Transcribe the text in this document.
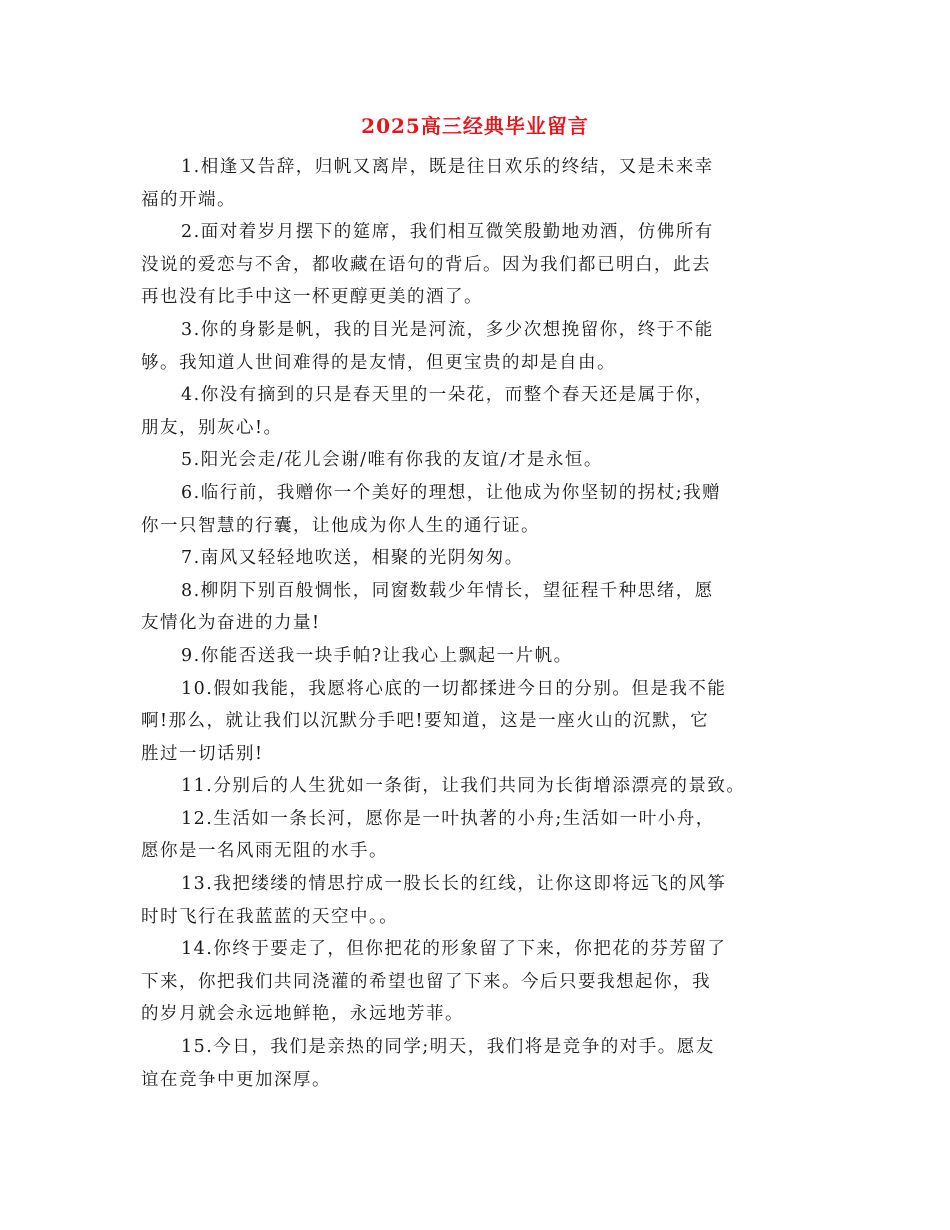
2025高三经典毕业留言

1.相逢又告辞，归帆又离岸，既是往日欢乐的终结，又是未来幸
福的开端。

2.面对着岁月摆下的筵席，我们相互微笑殷勤地劝酒，仿佛所有
没说的爱恋与不舍，都收藏在语句的背后。因为我们都已明白，此去
再也没有比手中这一杯更醇更美的酒了。

3.你的身影是帆，我的目光是河流，多少次想挽留你，终于不能
够。我知道人世间难得的是友情，但更宝贵的却是自由。

4.你没有摘到的只是春天里的一朵花，而整个春天还是属于你，
朋友，别灰心!。

5.阳光会走/花儿会谢/唯有你我的友谊/才是永恒。

6.临行前，我赠你一个美好的理想，让他成为你坚韧的拐杖;我赠
你一只智慧的行囊，让他成为你人生的通行证。

7.南风又轻轻地吹送，相聚的光阴匆匆。

8.柳阴下别百般惆怅，同窗数载少年情长，望征程千种思绪，愿
友情化为奋进的力量!

9.你能否送我一块手帕?让我心上飘起一片帆。

10.假如我能，我愿将心底的一切都揉进今日的分别。但是我不能
啊!那么，就让我们以沉默分手吧!要知道，这是一座火山的沉默，它
胜过一切话别!

11.分别后的人生犹如一条街，让我们共同为长街增添漂亮的景致。

12.生活如一条长河，愿你是一叶执著的小舟;生活如一叶小舟，
愿你是一名风雨无阻的水手。

13.我把缕缕的情思拧成一股长长的红线，让你这即将远飞的风筝
时时飞行在我蓝蓝的天空中。。

14.你终于要走了，但你把花的形象留了下来，你把花的芬芳留了
下来，你把我们共同浇灌的希望也留了下来。今后只要我想起你，我
的岁月就会永远地鲜艳，永远地芳菲。

15.今日，我们是亲热的同学;明天，我们将是竞争的对手。愿友
谊在竞争中更加深厚。
